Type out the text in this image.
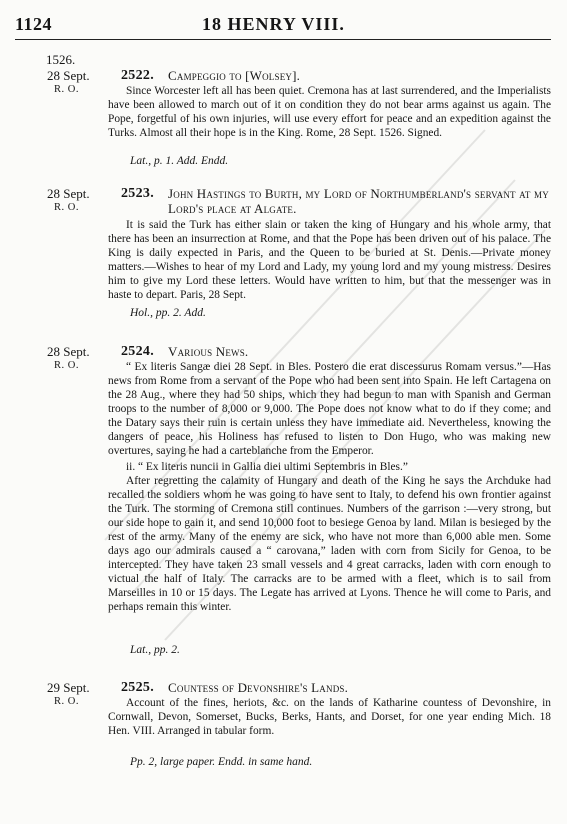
1124	18 HENRY VIII.
1526.
28 Sept.
R. O.
2522. Campeggio to [Wolsey].

Since Worcester left all has been quiet. Cremona has at last surrendered, and the Imperialists have been allowed to march out of it on condition they do not bear arms against us again. The Pope, forgetful of his own injuries, will use every effort for peace and an expedition against the Turks. Almost all their hope is in the King. Rome, 28 Sept. 1526. Signed.

Lat., p. 1. Add. Endd.
28 Sept.
R. O.
2523. John Hastings to Burth, my Lord of Northumberland's servant at my Lord's place at Algate.

It is said the Turk has either slain or taken the king of Hungary and his whole army, that there has been an insurrection at Rome, and that the Pope has been driven out of his palace. The King is daily expected in Paris, and the Queen to be buried at St. Denis.—Private money matters.—Wishes to hear of my Lord and Lady, my young lord and my young mistress. Desires him to give my Lord these letters. Would have written to him, but that the messenger was in haste to depart. Paris, 28 Sept.

Hol., pp. 2. Add.
28 Sept.
R. O.
2524. Various News.

“ Ex literis Sangæ diei 28 Sept. in Bles. Postero die erat discessurus Romam versus.”—Has news from Rome from a servant of the Pope who had been sent into Spain. He left Cartagena on the 28 Aug., where they had 50 ships, which they had begun to man with Spanish and German troops to the number of 8,000 or 9,000. The Pope does not know what to do if they come; and the Datary says their ruin is certain unless they have immediate aid. Nevertheless, knowing the dangers of peace, his Holiness has refused to listen to Don Hugo, who was making new overtures, saying he had a carteblanche from the Emperor.

ii. “ Ex literis nuncii in Gallia diei ultimi Septembris in Bles.”

After regretting the calamity of Hungary and death of the King he says the Archduke had recalled the soldiers whom he was going to have sent to Italy, to defend his own frontier against the Turk. The storming of Cremona still continues. Numbers of the garrison :—very strong, but our side hope to gain it, and send 10,000 foot to besiege Genoa by land. Milan is besieged by the rest of the army. Many of the enemy are sick, who have not more than 6,000 able men. Some days ago our admirals caused a “ carovana,” laden with corn from Sicily for Genoa, to be intercepted. They have taken 23 small vessels and 4 great carracks, laden with corn enough to victual the half of Italy. The carracks are to be armed with a fleet, which is to sail from Marseilles in 10 or 15 days. The Legate has arrived at Lyons. Thence he will come to Paris, and perhaps remain this winter.

Lat., pp. 2.
29 Sept.
R. O.
2525. Countess of Devonshire's Lands.

Account of the fines, heriots, &c. on the lands of Katharine countess of Devonshire, in Cornwall, Devon, Somerset, Bucks, Berks, Hants, and Dorset, for one year ending Mich. 18 Hen. VIII. Arranged in tabular form.

Pp. 2, large paper. Endd. in same hand.
